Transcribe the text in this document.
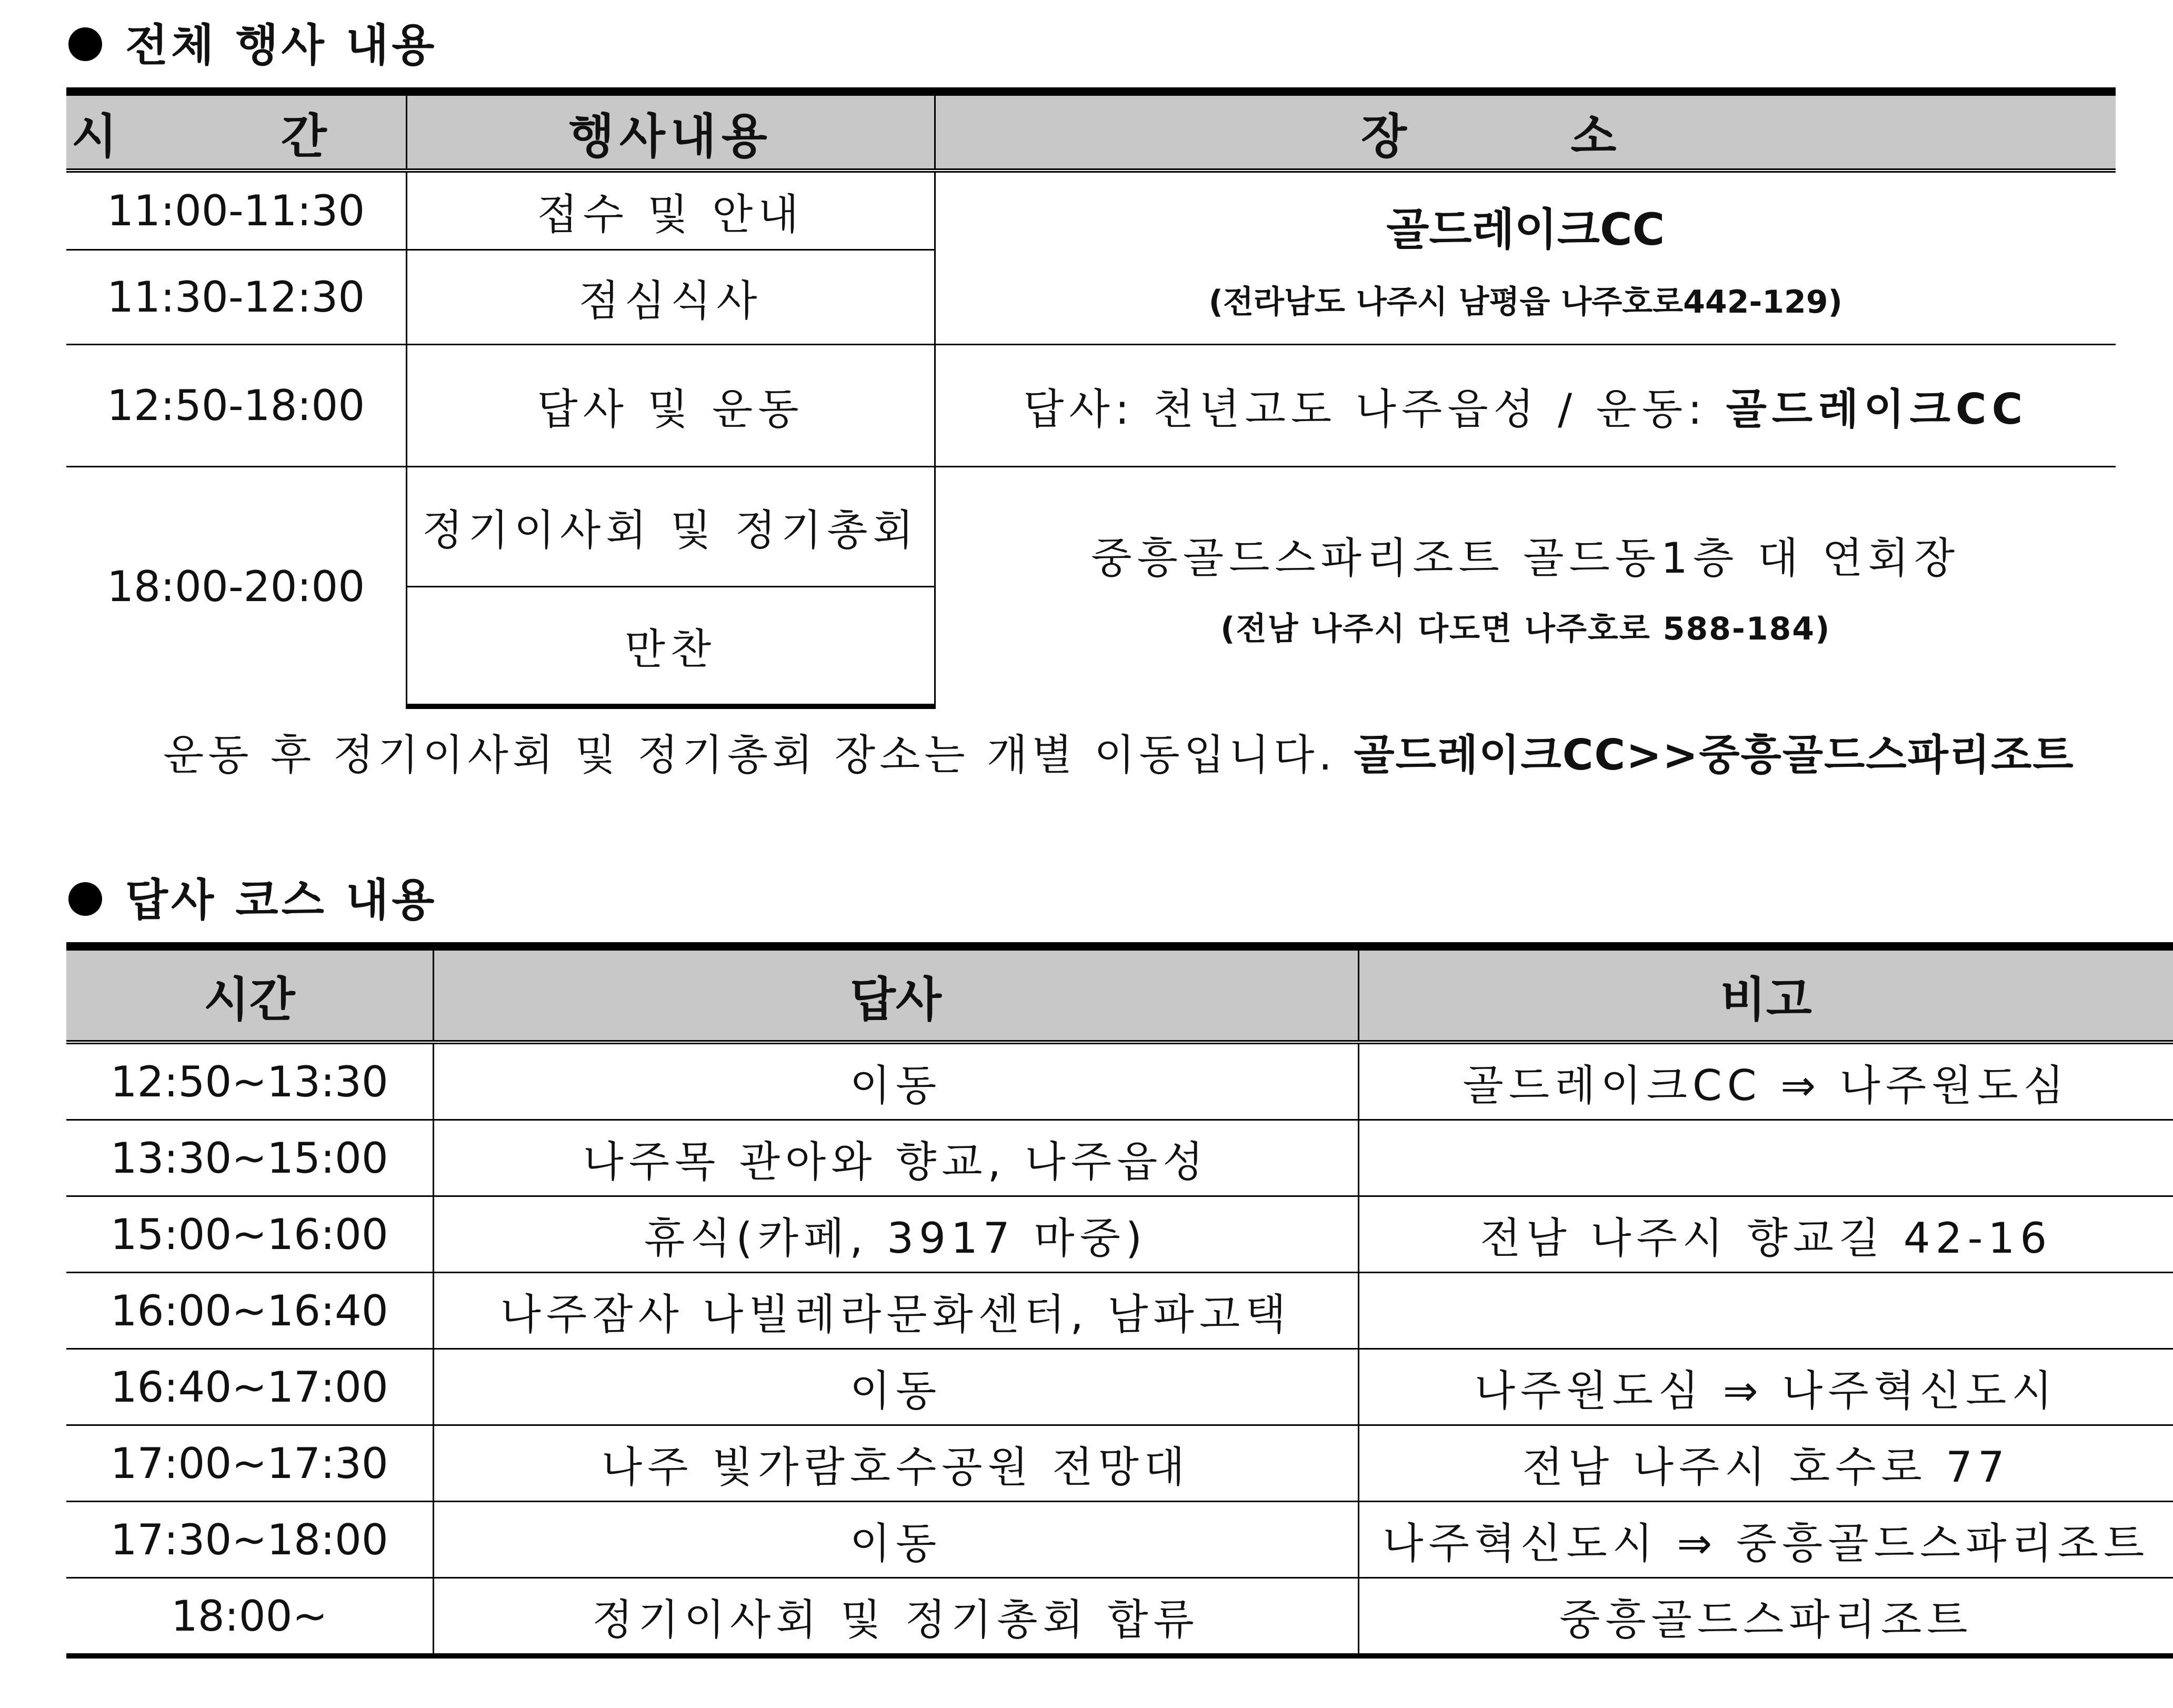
전체 행사 내용
시 간	행사내용	장 소
11:00-11:30	접수 및 안내	골드레이크CC
(전라남도 나주시 남평읍 나주호로442-129)

11:30-12:30	점심식사	
12:50-18:00	답사 및 운동	답사: 천년고도 나주읍성 / 운동: 골드레이크CC
18:00-20:00	정기이사회 및 정기총회	중흥골드스파리조트 골드동1층 대 연회장
(전남 나주시 다도면 나주호로 588-184)

	만찬	
운동 후 정기이사회 및 정기총회 장소는 개별 이동입니다. 골드레이크CC>>중흥골드스파리조트
답사 코스 내용
시간	답사	비고
12:50~13:30	이동	골드레이크CC ⇒ 나주원도심
13:30~15:00	나주목 관아와 향교, 나주읍성	
15:00~16:00	휴식(카페, 3917 마중)	전남 나주시 향교길 42-16
16:00~16:40	나주잠사 나빌레라문화센터, 남파고택	
16:40~17:00	이동	나주원도심 ⇒ 나주혁신도시
17:00~17:30	나주 빛가람호수공원 전망대	전남 나주시 호수로 77
17:30~18:00	이동	나주혁신도시 ⇒ 중흥골드스파리조트
18:00~	정기이사회 및 정기총회 합류	중흥골드스파리조트
